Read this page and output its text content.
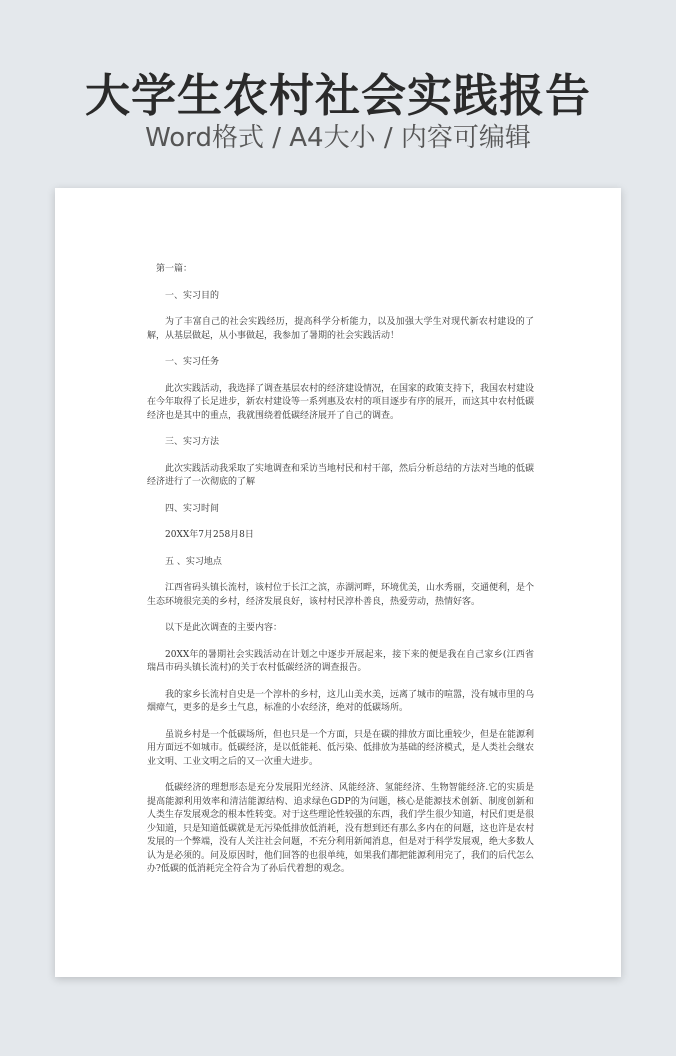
大学生农村社会实践报告
Word格式 / A4大小 / 内容可编辑

第一篇：

一、实习目的

为了丰富自己的社会实践经历，提高科学分析能力，以及加强大学生对现代新农村建设的了解，从基层做起，从小事做起，我参加了暑期的社会实践活动！

一、实习任务

此次实践活动，我选择了调查基层农村的经济建设情况，在国家的政策支持下，我国农村建设在今年取得了长足进步，新农村建设等一系列惠及农村的项目逐步有序的展开，而这其中农村低碳经济也是其中的重点，我就围绕着低碳经济展开了自己的调查。

三、实习方法

此次实践活动我采取了实地调查和采访当地村民和村干部，然后分析总结的方法对当地的低碳经济进行了一次彻底的了解

四、实习时间

20XX年7月258月8日

五 、实习地点

江西省码头镇长流村，该村位于长江之滨，赤湖河畔，环境优美，山水秀丽，交通便利，是个生态环境很完美的乡村，经济发展良好，该村村民淳朴善良，热爱劳动，热情好客。

以下是此次调查的主要内容：

20XX年的暑期社会实践活动在计划之中逐步开展起来，接下来的便是我在自己家乡(江西省瑞昌市码头镇长流村)的关于农村低碳经济的调查报告。

我的家乡长流村自史是一个淳朴的乡村，这儿山美水美，远离了城市的喧嚣，没有城市里的乌烟瘴气，更多的是乡土气息，标准的小农经济，绝对的低碳场所。

虽说乡村是一个低碳场所，但也只是一个方面，只是在碳的排放方面比重较少，但是在能源利用方面远不如城市。低碳经济，是以低能耗、低污染、低排放为基础的经济模式，是人类社会继农业文明、工业文明之后的又一次重大进步。

低碳经济的理想形态是充分发展阳光经济、风能经济、氢能经济、生物智能经济.它的实质是提高能源利用效率和清洁能源结构、追求绿色GDP的为问题，核心是能源技术创新、制度创新和人类生存发展观念的根本性转变。对于这些理论性较强的东西，我们学生很少知道，村民们更是很少知道，只是知道低碳就是无污染低排放低消耗，没有想到还有那么多内在的问题，这也许是农村发展的一个弊端，没有人关注社会问题，不充分利用新闻消息，但是对于科学发展观，绝大多数人认为是必须的。问及原因时，他们回答的也很单纯，如果我们都把能源利用完了，我们的后代怎么办?低碳的低消耗完全符合为了孙后代着想的观念。
